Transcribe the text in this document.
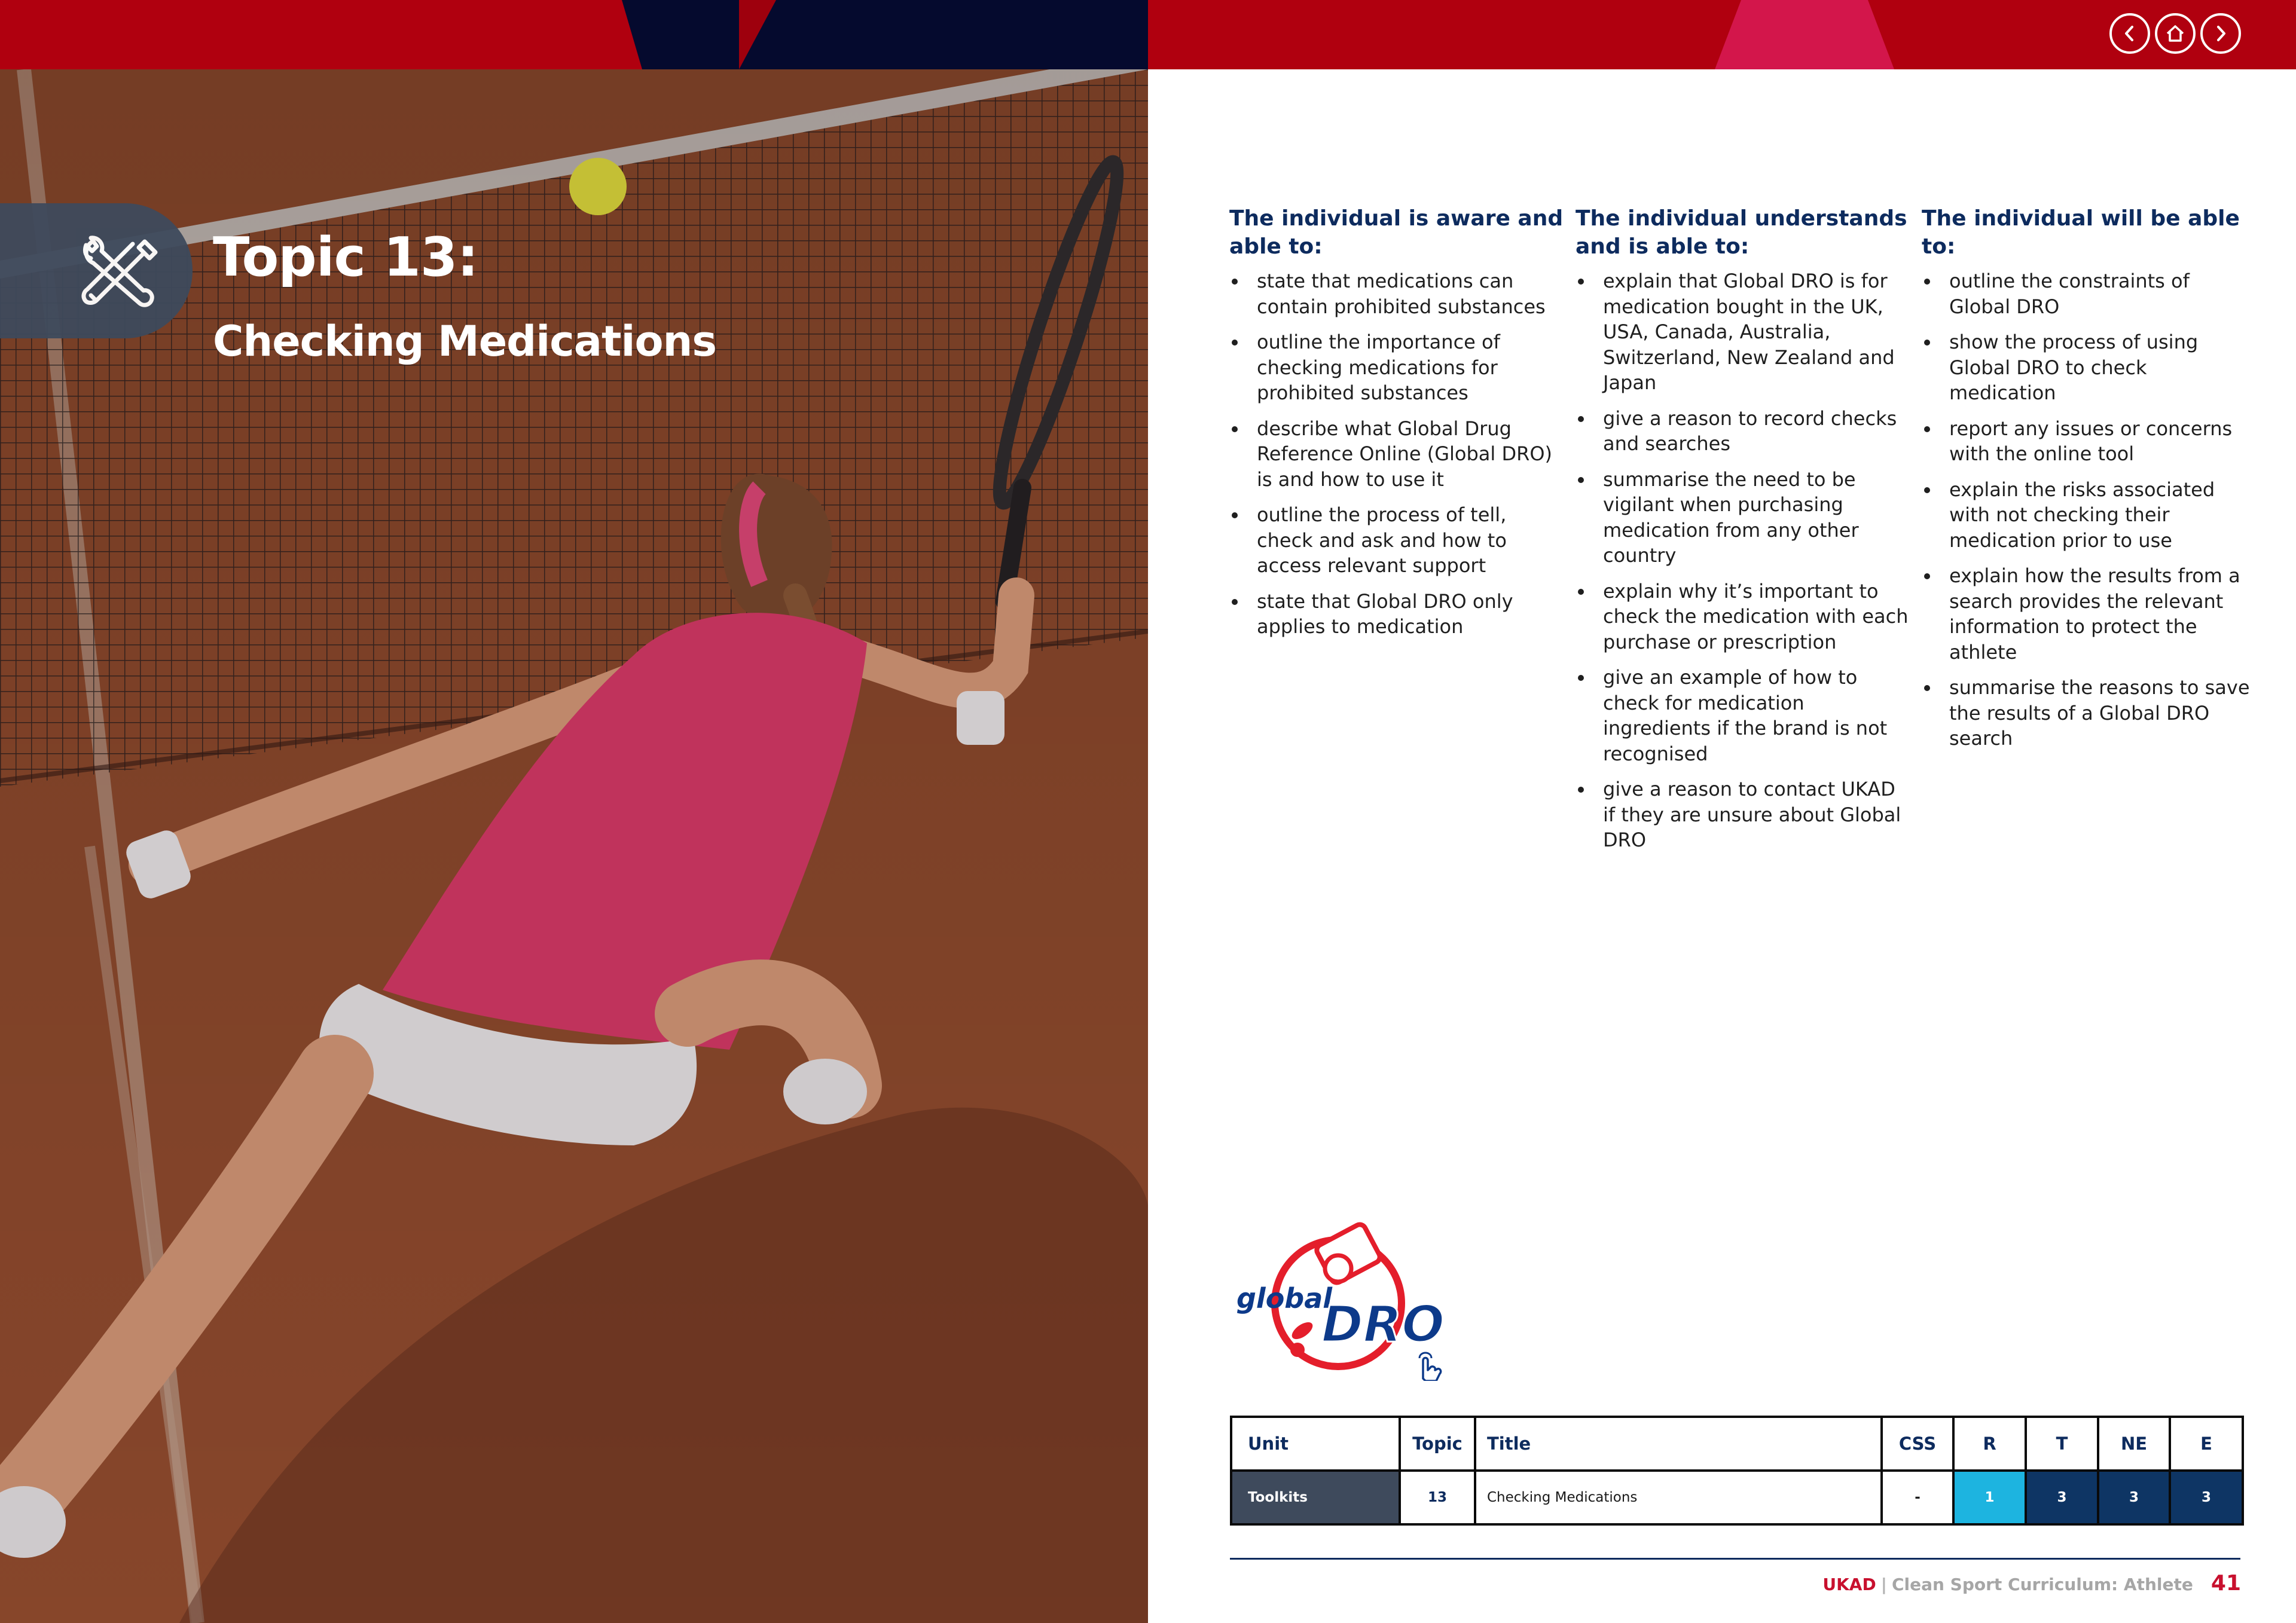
Topic 13:
Checking Medications
The individual is aware and able to:
state that medications can contain prohibited substances
outline the importance of checking medications for prohibited substances
describe what Global Drug Reference Online (Global DRO) is and how to use it
outline the process of tell, check and ask and how to access relevant support
state that Global DRO only applies to medication
The individual understands and is able to:
explain that Global DRO is for medication bought in the UK, USA, Canada, Australia, Switzerland, New Zealand and Japan
give a reason to record checks and searches
summarise the need to be vigilant when purchasing medication from any other country
explain why it’s important to check the medication with each purchase or prescription
give an example of how to check for medication ingredients if the brand is not recognised
give a reason to contact UKAD if they are unsure about Global DRO
The individual will be able to:
outline the constraints of Global DRO
show the process of using Global DRO to check medication
report any issues or concerns with the online tool
explain the risks associated with not checking their medication prior to use
explain how the results from a search provides the relevant information to protect the athlete
summarise the reasons to save the results of a Global DRO search
global
DRO
Unit	Topic	Title	CSS	R	T	NE	E
Toolkits	13	Checking Medications	-	1	3	3	3
UKAD | Clean Sport Curriculum: Athlete 41
